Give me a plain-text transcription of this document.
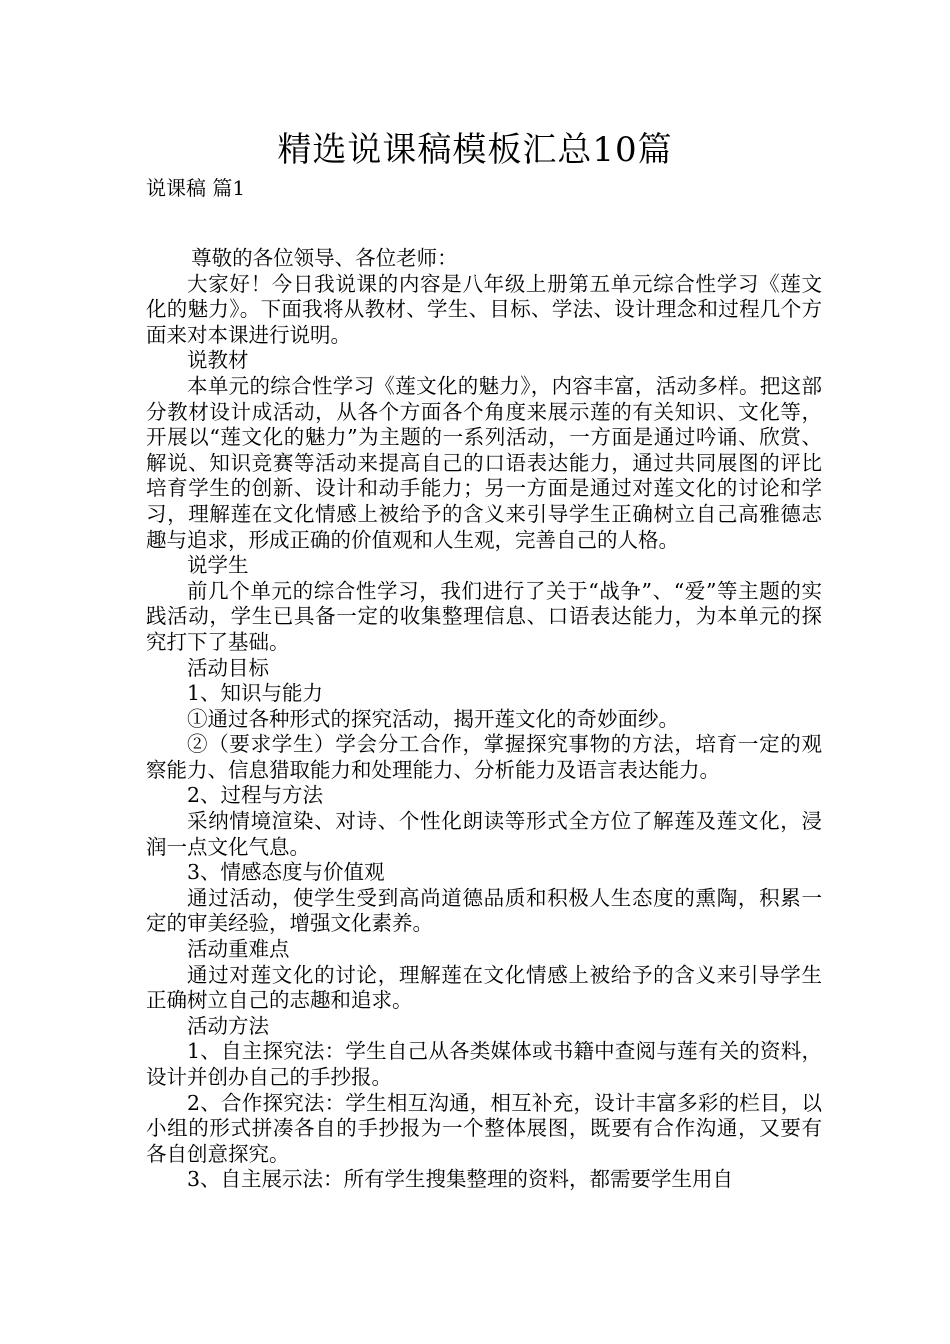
精选说课稿模板汇总10篇
说课稿 篇1

尊敬的各位领导、各位老师：

大家好！今日我说课的内容是八年级上册第五单元综合性学习《莲文化的魅力》。下面我将从教材、学生、目标、学法、设计理念和过程几个方面来对本课进行说明。

说教材

本单元的综合性学习《莲文化的魅力》，内容丰富，活动多样。把这部分教材设计成活动，从各个方面各个角度来展示莲的有关知识、文化等，开展以“莲文化的魅力”为主题的一系列活动，一方面是通过吟诵、欣赏、解说、知识竞赛等活动来提高自己的口语表达能力，通过共同展图的评比培育学生的创新、设计和动手能力；另一方面是通过对莲文化的讨论和学习，理解莲在文化情感上被给予的含义来引导学生正确树立自己高雅德志趣与追求，形成正确的价值观和人生观，完善自己的人格。

说学生

前几个单元的综合性学习，我们进行了关于“战争”、“爱”等主题的实践活动，学生已具备一定的收集整理信息、口语表达能力，为本单元的探究打下了基础。

活动目标

1、知识与能力

①通过各种形式的探究活动，揭开莲文化的奇妙面纱。

②（要求学生）学会分工合作，掌握探究事物的方法，培育一定的观察能力、信息猎取能力和处理能力、分析能力及语言表达能力。

2、过程与方法

采纳情境渲染、对诗、个性化朗读等形式全方位了解莲及莲文化，浸润一点文化气息。

3、情感态度与价值观

通过活动，使学生受到高尚道德品质和积极人生态度的熏陶，积累一定的审美经验，增强文化素养。

活动重难点

通过对莲文化的讨论，理解莲在文化情感上被给予的含义来引导学生正确树立自己的志趣和追求。

活动方法

1、自主探究法：学生自己从各类媒体或书籍中查阅与莲有关的资料，设计并创办自己的手抄报。

2、合作探究法：学生相互沟通，相互补充，设计丰富多彩的栏目，以小组的形式拼凑各自的手抄报为一个整体展图，既要有合作沟通，又要有各自创意探究。

3、自主展示法：所有学生搜集整理的资料，都需要学生用自
